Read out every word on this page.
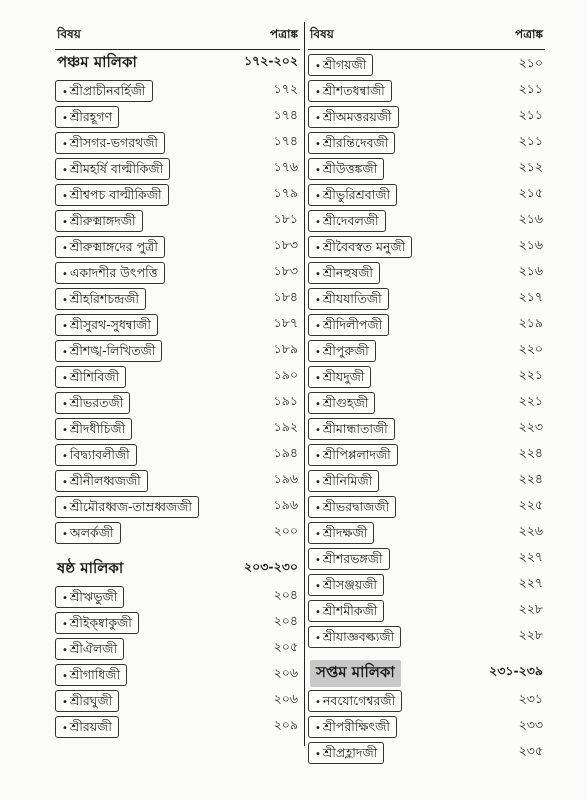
বিষয়	পত্রাঙ্ক
পঞ্চম মালিকা	১৭২-২০২
• শ্রীপ্রাচীনবর্হিজী	১৭২
• শ্রীরহূগণ	১৭৪
• শ্রীসগর-ভগরথজী	১৭৪
• শ্রীমহর্ষি বাল্মীকিজী	১৭৬
• শ্রীশ্বপচ বাল্মীকিজী	১৭৯
• শ্রীরুক্মাঙ্গদজী	১৮১
• শ্রীরুক্মাঙ্গদের পুত্রী	১৮৩
• একাদশীর উৎপত্তি	১৮৩
• শ্রীহরিশচন্দ্রজী	১৮৪
• শ্রীসুরথ-সুধন্বাজী	১৮৭
• শ্রীশঙ্খ-লিখিতজী	১৮৯
• শ্রীশিবিজী	১৯০
• শ্রীভরতজী	১৯১
• শ্রীদধীচিজী	১৯২
• বিদ্ব্যাবলীজী	১৯৪
• শ্রীনীলধ্বজজী	১৯৬
• শ্রীমৌরধ্বজ-তাম্রধ্বজজী	১৯৬
• অলর্কজী	২০০
ষষ্ঠ মালিকা	২০৩-২৩০
• শ্রীঋভুজী	২০৪
• শ্রীইক্ষ্বাকুজী	২০৪
• শ্রীঐলজী	২০৫
• শ্রীগাধিজী	২০৬
• শ্রীরঘুজী	২০৬
• শ্রীরয়জী	২০৯
বিষয়	পত্রাঙ্ক
• শ্রীগয়জী	২১০
• শ্রীশতধন্বাজী	২১১
• শ্রীঅমত্তরয়জী	২১১
• শ্রীরন্তিদেবজী	২১১
• শ্রীউত্তঙ্কজী	২১২
• শ্রীভুরিশ্রবাজী	২১৫
• শ্রীদেবলজী	২১৬
• শ্রীবৈবস্বত মনুজী	২১৬
• শ্রীনহুষজী	২১৬
• শ্রীযযাতিজী	২১৭
• শ্রীদিলীপজী	২১৯
• শ্রীপুরুজী	২২০
• শ্রীযদুজী	২২১
• শ্রীগুহজী	২২১
• শ্রীমান্ধাতাজী	২২৩
• শ্রীপিপ্পলাদজী	২২৪
• শ্রীনিমিজী	২২৪
• শ্রীভরদ্বাজজী	২২৫
• শ্রীদক্ষজী	২২৬
• শ্রীশরভঙ্গজী	২২৭
• শ্রীসঞ্জয়জী	২২৭
• শ্রীশমীকজী	২২৮
• শ্রীযাজ্ঞবল্ক্যজী	২২৮
সপ্তম মালিকা	২৩১-২৩৯
• নবযোগেশ্বরজী	২৩১
• শ্রীপরীক্ষিৎজী	২৩৩
• শ্রীপ্রহ্লাদজী	২৩৫
